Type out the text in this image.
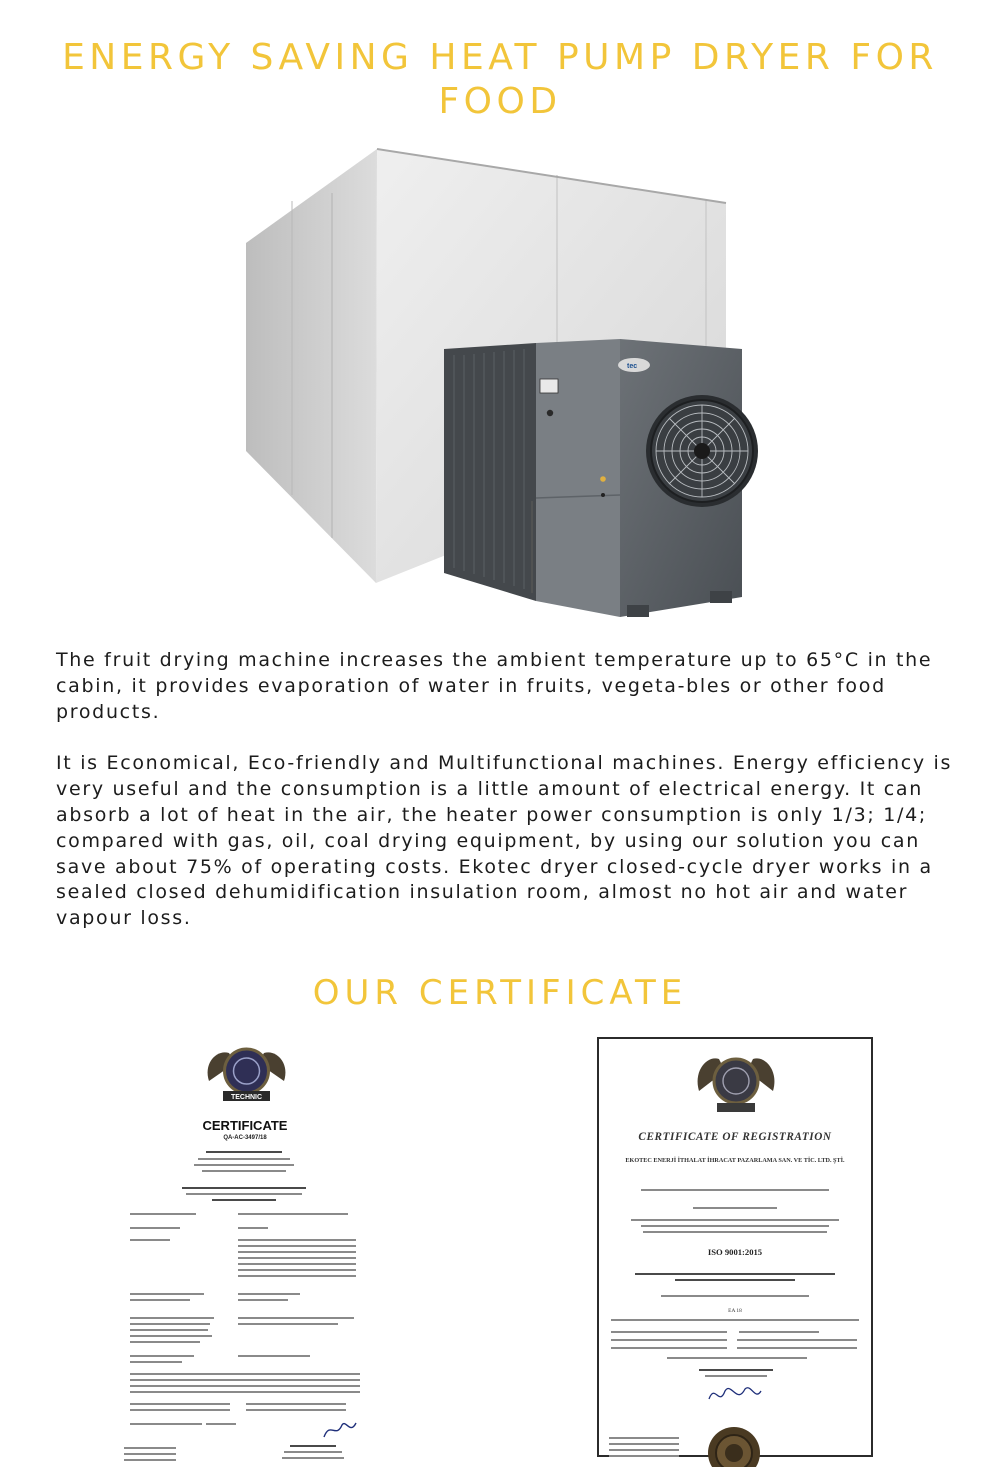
ENERGY SAVING HEAT PUMP DRYER FOR FOOD
tec

The fruit drying machine increases the ambient temperature up to 65°C in the cabin, it provides evaporation of water in fruits, vegeta-bles or other food products.

It is Economical, Eco-friendly and Multifunctional machines. Energy efficiency is very useful and the consumption is a little amount of electrical energy. It can absorb a lot of heat in the air, the heater power consumption is only 1/3; 1/4; compared with gas, oil, coal drying equipment, by using our solution you can save about 75% of operating costs. Ekotec dryer closed-cycle dryer works in a sealed closed dehumidification insulation room, almost no hot air and water vapour loss.

OUR CERTIFICATE
TECHNIC
CERTIFICATE
QA-AC-3497/18	CERTIFICATE OF REGISTRATION
EKOTEC ENERJİ İTHALAT İHRACAT PAZARLAMA SAN. VE TİC. LTD. ŞTİ.
ISO 9001:2015
EA 18
